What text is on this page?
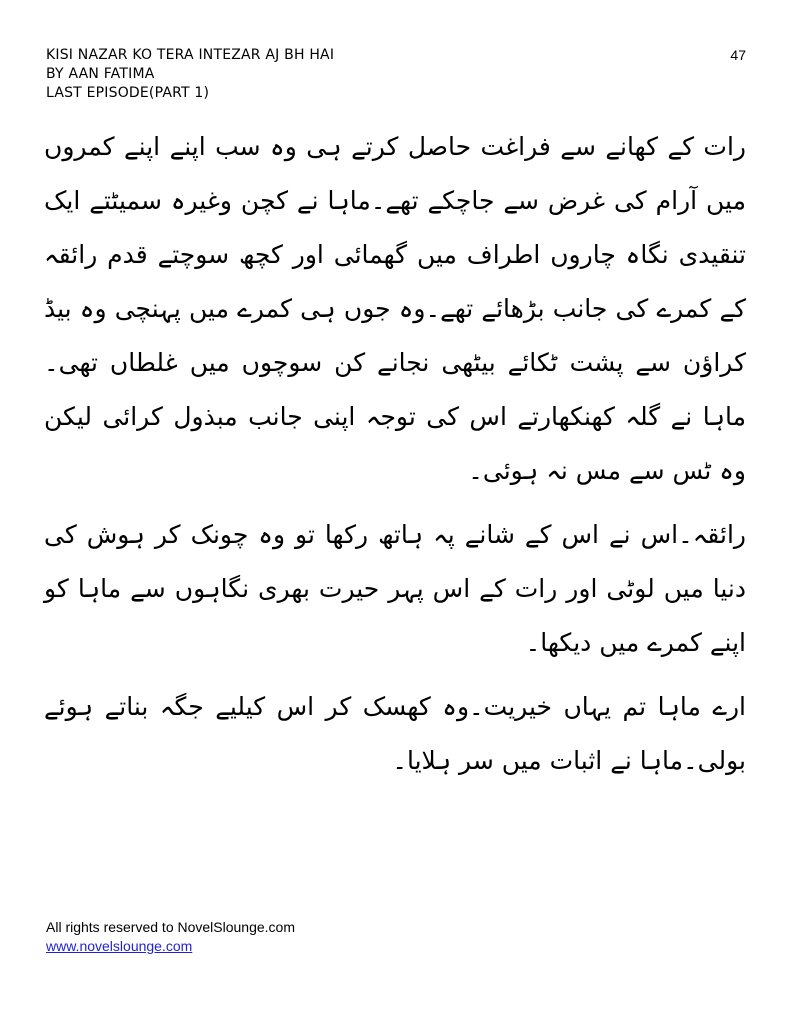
KISI NAZAR KO TERA INTEZAR AJ BH HAI
BY AAN FATIMA
LAST EPISODE(PART 1)
47

رات کے کھانے سے فراغت حاصل کرتے ہی وہ سب اپنے اپنے کمروں میں آرام کی غرض سے جاچکے تھے۔ماہا نے کچن وغیرہ سمیٹتے ایک تنقیدی نگاہ چاروں اطراف میں گھمائی اور کچھ سوچتے قدم رائقہ کے کمرے کی جانب بڑھائے تھے۔وہ جوں ہی کمرے میں پہنچی وہ بیڈ کراؤن سے پشت ٹکائے بیٹھی نجانے کن سوچوں میں غلطاں تھی۔ماہا نے گلہ کھنکھارتے اس کی توجہ اپنی جانب مبذول کرائی لیکن وہ ٹس سے مس نہ ہوئی۔

رائقہ۔اس نے اس کے شانے پہ ہاتھ رکھا تو وہ چونک کر ہوش کی دنیا میں لوٹی اور رات کے اس پہر حیرت بھری نگاہوں سے ماہا کو اپنے کمرے میں دیکھا۔

ارے ماہا تم یہاں خیریت۔وہ کھسک کر اس کیلیے جگہ بناتے ہوئے بولی۔ماہا نے اثبات میں سر ہلایا۔

All rights reserved to NovelSlounge.com
www.novelslounge.com
